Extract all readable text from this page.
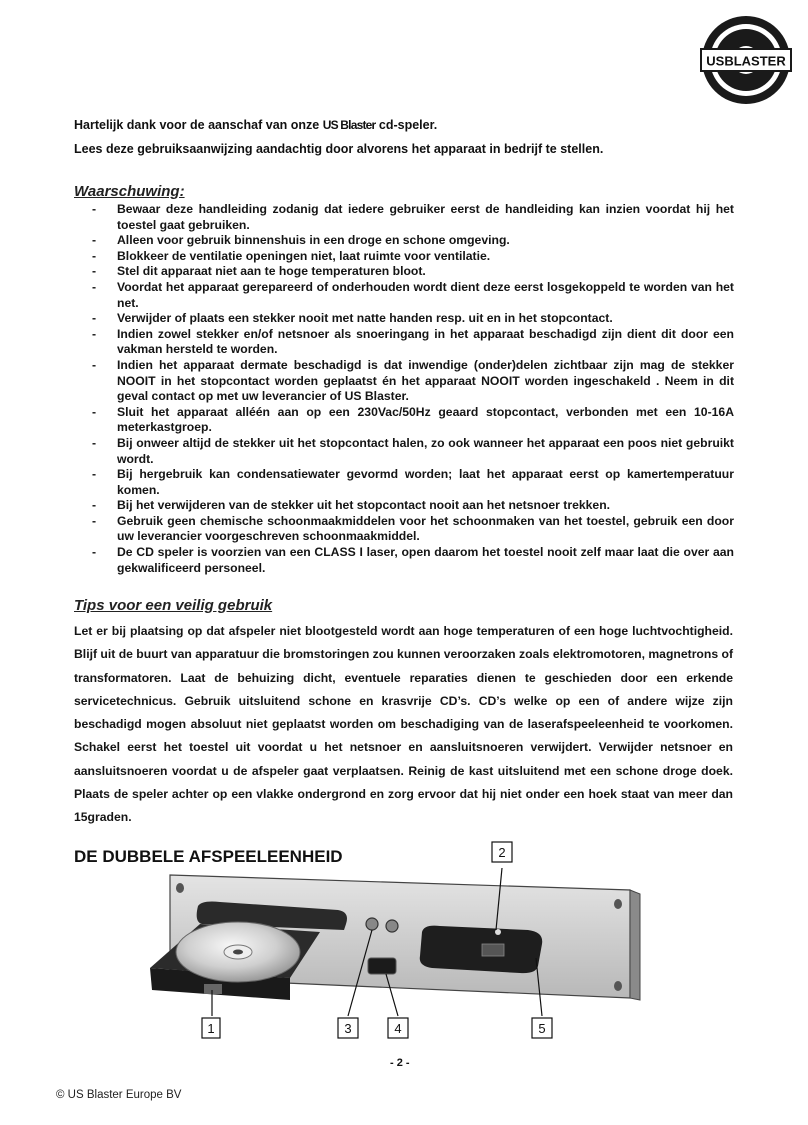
USBLASTER
Hartelijk dank voor de aanschaf van onze US Blaster cd-speler.
Lees deze gebruiksaanwijzing aandachtig door alvorens het apparaat in bedrijf te stellen.
Waarschuwing:
- Bewaar deze handleiding zodanig dat iedere gebruiker eerst de handleiding kan inzien voordat hij het toestel gaat gebruiken.
- Alleen voor gebruik binnenshuis in een droge en schone omgeving.
- Blokkeer de ventilatie openingen niet, laat ruimte voor ventilatie.
- Stel dit apparaat niet aan te hoge temperaturen bloot.
- Voordat het apparaat gerepareerd of onderhouden wordt dient deze eerst losgekoppeld te worden van het net.
- Verwijder of plaats een stekker nooit met natte handen resp. uit en in het stopcontact.
- Indien zowel stekker en/of netsnoer als snoeringang in het apparaat beschadigd zijn dient dit door een vakman hersteld te worden.
- Indien het apparaat dermate beschadigd is dat inwendige (onder)delen zichtbaar zijn mag de stekker NOOIT in het stopcontact worden geplaatst én het apparaat NOOIT worden ingeschakeld . Neem in dit geval contact op met uw leverancier of US Blaster.
- Sluit het apparaat alléén aan op een 230Vac/50Hz geaard stopcontact, verbonden met een 10-16A meterkastgroep.
- Bij onweer altijd de stekker uit het stopcontact halen, zo ook wanneer het apparaat een poos niet gebruikt wordt.
- Bij hergebruik kan condensatiewater gevormd worden; laat het apparaat eerst op kamertemperatuur komen.
- Bij het verwijderen van de stekker uit het stopcontact nooit aan het netsnoer trekken.
- Gebruik geen chemische schoonmaakmiddelen voor het schoonmaken van het toestel, gebruik een door uw leverancier voorgeschreven schoonmaakmiddel.
- De CD speler is voorzien van een CLASS I laser, open daarom het toestel nooit zelf maar laat die over aan gekwalificeerd personeel.
Tips voor een veilig gebruik

Let er bij plaatsing op dat afspeler niet blootgesteld wordt aan hoge temperaturen of een hoge luchtvochtigheid. Blijf uit de buurt van apparatuur die bromstoringen zou kunnen veroorzaken zoals elektromotoren, magnetrons of transformatoren. Laat de behuizing dicht, eventuele reparaties dienen te geschieden door een erkende servicetechnicus. Gebruik uitsluitend schone en krasvrije CD’s. CD’s welke op een of andere wijze zijn beschadigd mogen absoluut niet geplaatst worden om beschadiging van de laserafspeeleenheid te voorkomen. Schakel eerst het toestel uit voordat u het netsnoer en aansluitsnoeren verwijdert. Verwijder netsnoer en aansluitsnoeren voordat u de afspeler gaat verplaatsen. Reinig de kast uitsluitend met een schone droge doek. Plaats de speler achter op een vlakke ondergrond en zorg ervoor dat hij niet onder een hoek staat van meer dan 15graden.

DE DUBBELE AFSPEELEENHEID
1
2
3	4	5
- 2 -
© US Blaster Europe BV
